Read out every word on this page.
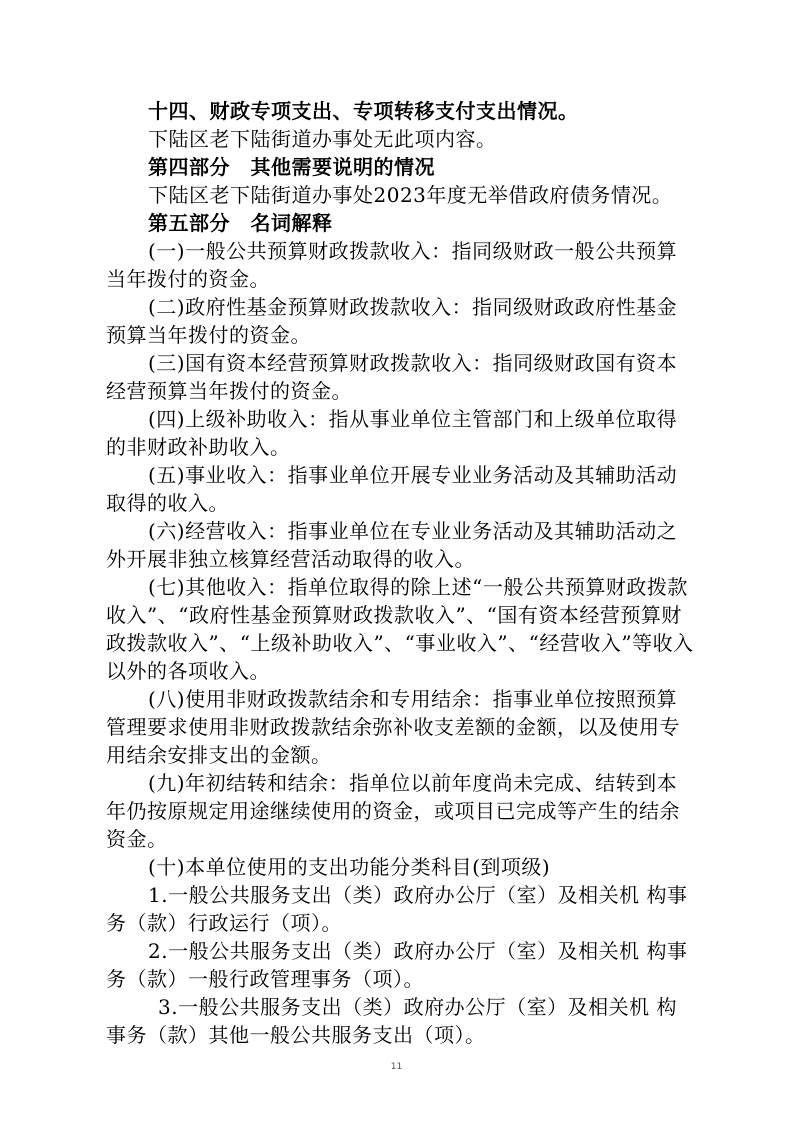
十四、财政专项支出、专项转移支付支出情况。
下陆区老下陆街道办事处无此项内容。
第四部分　其他需要说明的情况
下陆区老下陆街道办事处2023年度无举借政府债务情况。
第五部分　名词解释
(一)一般公共预算财政拨款收入：指同级财政一般公共预算
当年拨付的资金。
(二)政府性基金预算财政拨款收入：指同级财政政府性基金
预算当年拨付的资金。
(三)国有资本经营预算财政拨款收入：指同级财政国有资本
经营预算当年拨付的资金。
(四)上级补助收入：指从事业单位主管部门和上级单位取得
的非财政补助收入。
(五)事业收入：指事业单位开展专业业务活动及其辅助活动
取得的收入。
(六)经营收入：指事业单位在专业业务活动及其辅助活动之
外开展非独立核算经营活动取得的收入。
(七)其他收入：指单位取得的除上述“一般公共预算财政拨款
收入”、“政府性基金预算财政拨款收入”、“国有资本经营预算财
政拨款收入”、“上级补助收入”、“事业收入”、“经营收入”等收入
以外的各项收入。
(八)使用非财政拨款结余和专用结余：指事业单位按照预算
管理要求使用非财政拨款结余弥补收支差额的金额，以及使用专
用结余安排支出的金额。
(九)年初结转和结余：指单位以前年度尚未完成、结转到本
年仍按原规定用途继续使用的资金，或项目已完成等产生的结余
资金。
(十)本单位使用的支出功能分类科目(到项级)
1.一般公共服务支出（类）政府办公厅（室）及相关机 构事
务（款）行政运行（项）。
2.一般公共服务支出（类）政府办公厅（室）及相关机 构事
务（款）一般行政管理事务（项）。
3.一般公共服务支出（类）政府办公厅（室）及相关机 构
事务（款）其他一般公共服务支出（项）。
11
